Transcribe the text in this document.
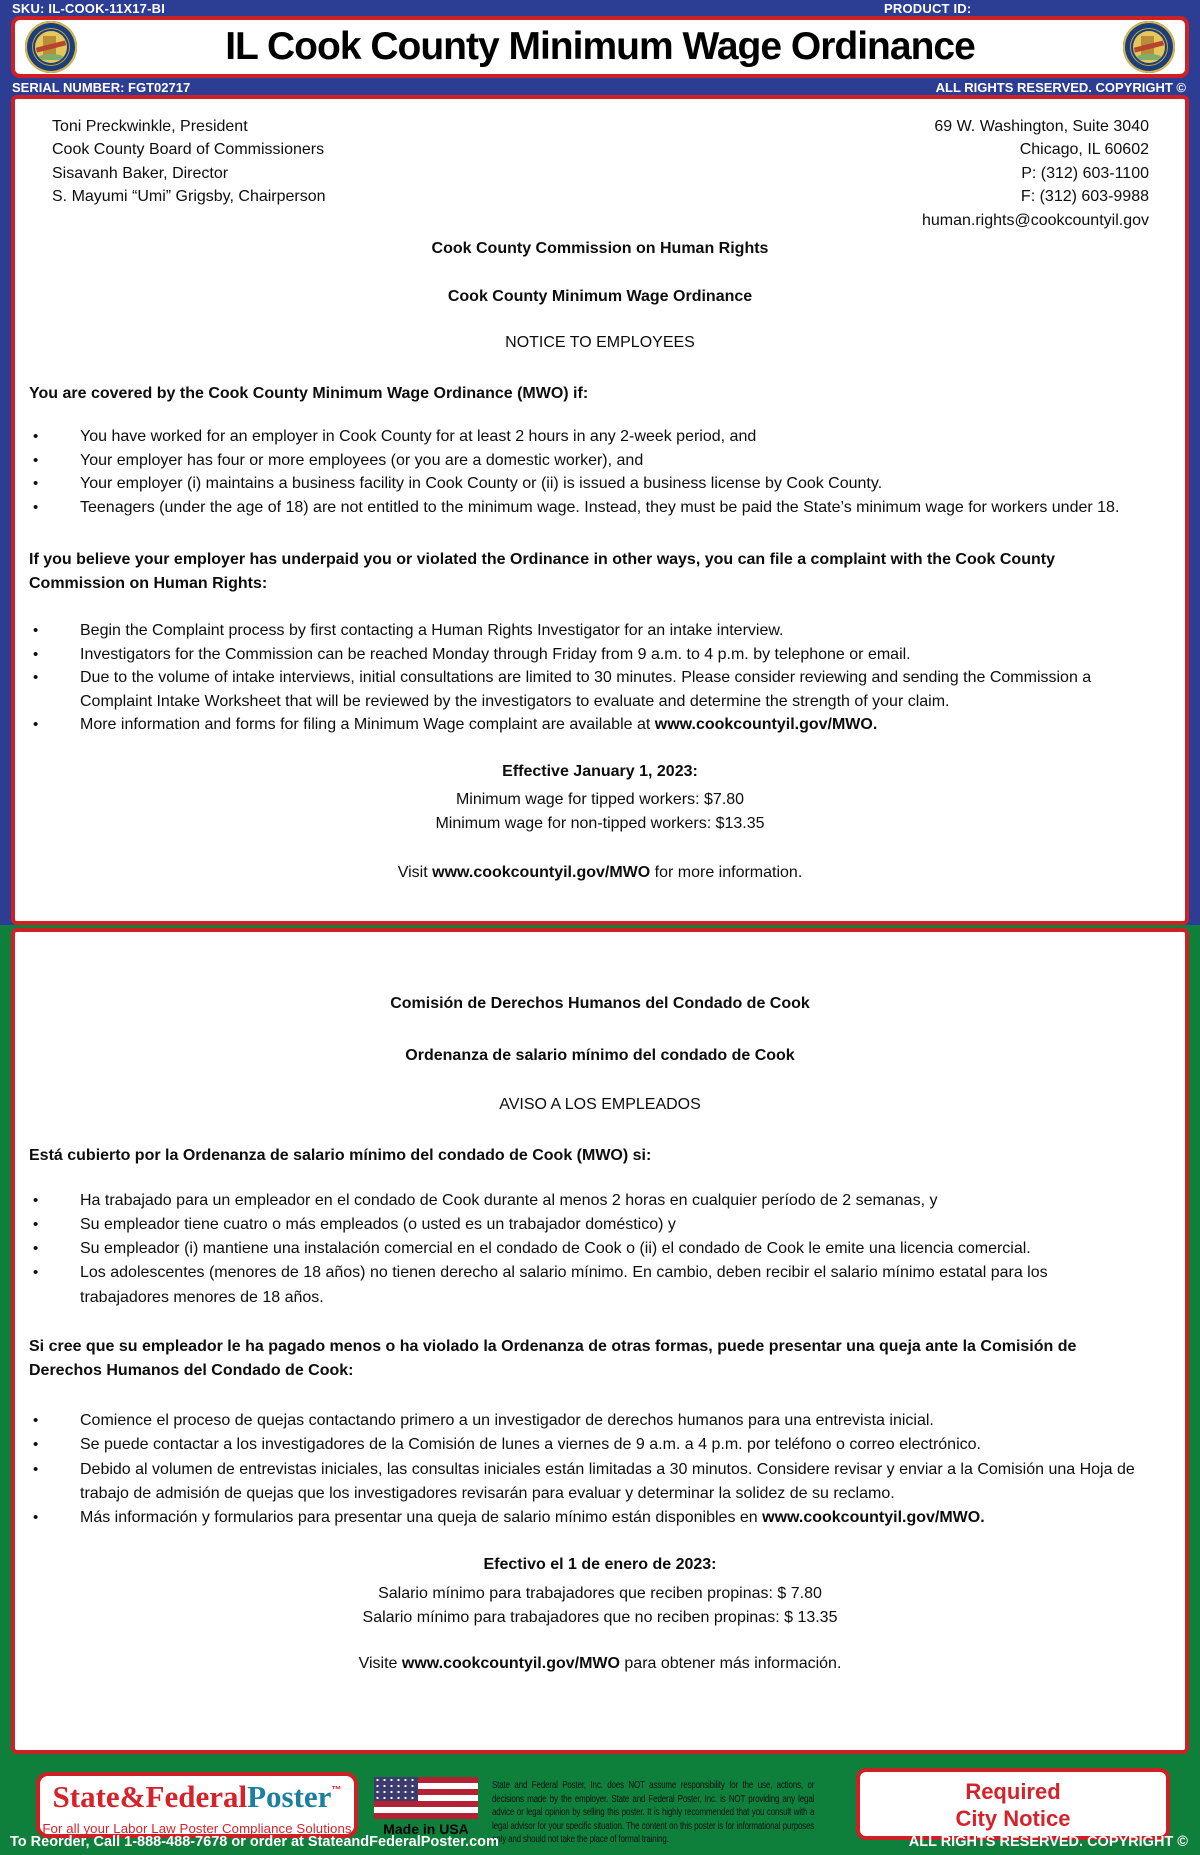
SKU: IL-COOK-11X17-BI	PRODUCT ID:
IL Cook County Minimum Wage Ordinance
SERIAL NUMBER: FGT02717	ALL RIGHTS RESERVED. COPYRIGHT ©
Toni Preckwinkle, President
Cook County Board of Commissioners
Sisavanh Baker, Director
S. Mayumi “Umi” Grigsby, Chairperson
69 W. Washington, Suite 3040
Chicago, IL 60602
P: (312) 603-1100
F: (312) 603-9988
human.rights@cookcountyil.gov
Cook County Commission on Human Rights
Cook County Minimum Wage Ordinance
NOTICE TO EMPLOYEES

You are covered by the Cook County Minimum Wage Ordinance (MWO) if:

• You have worked for an employer in Cook County for at least 2 hours in any 2-week period, and
• Your employer has four or more employees (or you are a domestic worker), and
• Your employer (i) maintains a business facility in Cook County or (ii) is issued a business license by Cook County.
• Teenagers (under the age of 18) are not entitled to the minimum wage. Instead, they must be paid the State’s minimum wage for workers under 18.

If you believe your employer has underpaid you or violated the Ordinance in other ways, you can file a complaint with the Cook County Commission on Human Rights:

• Begin the Complaint process by first contacting a Human Rights Investigator for an intake interview.
• Investigators for the Commission can be reached Monday through Friday from 9 a.m. to 4 p.m. by telephone or email.
• Due to the volume of intake interviews, initial consultations are limited to 30 minutes. Please consider reviewing and sending the Commission a Complaint Intake Worksheet that will be reviewed by the investigators to evaluate and determine the strength of your claim.
• More information and forms for filing a Minimum Wage complaint are available at www.cookcountyil.gov/MWO.
Effective January 1, 2023:
Minimum wage for tipped workers: $7.80
Minimum wage for non-tipped workers: $13.35
Visit www.cookcountyil.gov/MWO for more information.
Comisión de Derechos Humanos del Condado de Cook
Ordenanza de salario mínimo del condado de Cook
AVISO A LOS EMPLEADOS

Está cubierto por la Ordenanza de salario mínimo del condado de Cook (MWO) si:

• Ha trabajado para un empleador en el condado de Cook durante al menos 2 horas en cualquier período de 2 semanas, y
• Su empleador tiene cuatro o más empleados (o usted es un trabajador doméstico) y
• Su empleador (i) mantiene una instalación comercial en el condado de Cook o (ii) el condado de Cook le emite una licencia comercial.
• Los adolescentes (menores de 18 años) no tienen derecho al salario mínimo. En cambio, deben recibir el salario mínimo estatal para los trabajadores menores de 18 años.

Si cree que su empleador le ha pagado menos o ha violado la Ordenanza de otras formas, puede presentar una queja ante la Comisión de Derechos Humanos del Condado de Cook:

• Comience el proceso de quejas contactando primero a un investigador de derechos humanos para una entrevista inicial.
• Se puede contactar a los investigadores de la Comisión de lunes a viernes de 9 a.m. a 4 p.m. por teléfono o correo electrónico.
• Debido al volumen de entrevistas iniciales, las consultas iniciales están limitadas a 30 minutos. Considere revisar y enviar a la Comisión una Hoja de trabajo de admisión de quejas que los investigadores revisarán para evaluar y determinar la solidez de su reclamo.
• Más información y formularios para presentar una queja de salario mínimo están disponibles en www.cookcountyil.gov/MWO.
Efectivo el 1 de enero de 2023:
Salario mínimo para trabajadores que reciben propinas: $ 7.80
Salario mínimo para trabajadores que no reciben propinas: $ 13.35
Visite www.cookcountyil.gov/MWO para obtener más información.
State&FederalPoster™
For all your Labor Law Poster Compliance Solutions	Made in USA
State and Federal Poster, Inc. does NOT assume responsibility for the use, actions, or decisions made by the employer. State and Federal Poster, Inc. is NOT providing any legal advice or legal opinion by selling this poster. It is highly recommended that you consult with a legal advisor for your specific situation. The content on this poster is for informational purposes only and should not take the place of formal training.
Required
City Notice
To Reorder, Call 1-888-488-7678 or order at StateandFederalPoster.com	ALL RIGHTS RESERVED. COPYRIGHT ©
